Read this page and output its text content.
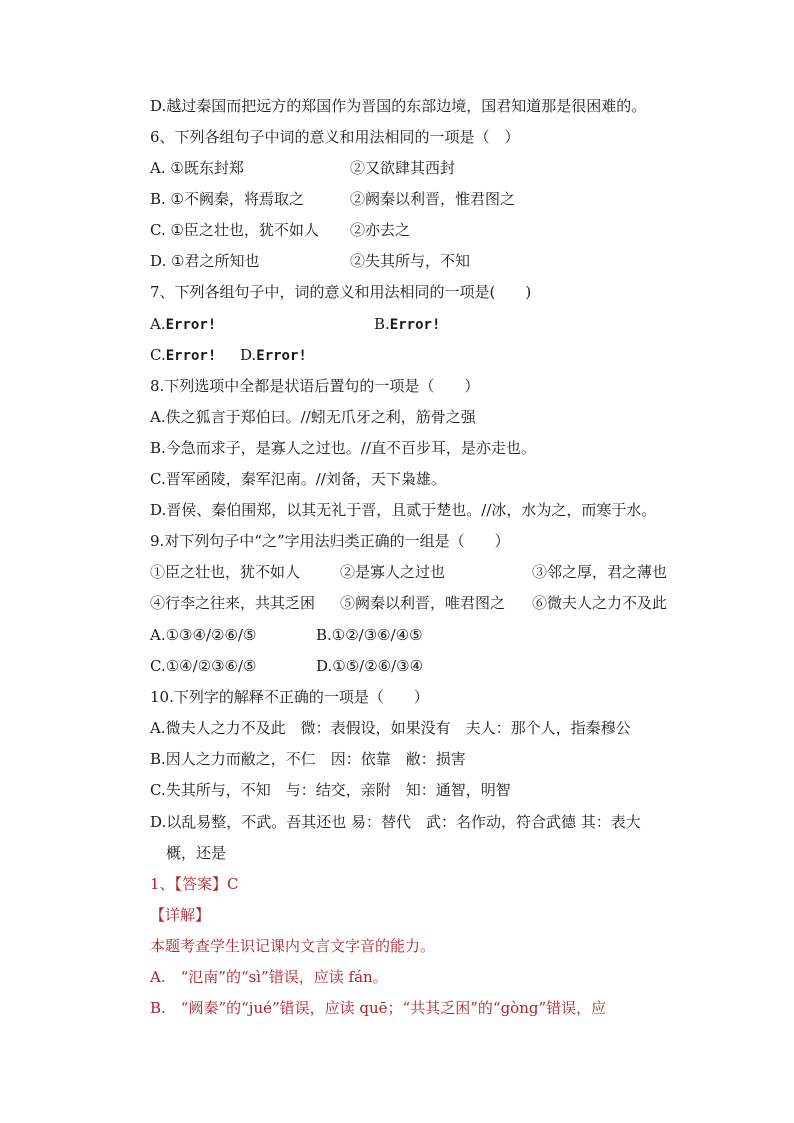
D.越过秦国而把远方的郑国作为晋国的东部边境，国君知道那是很困难的。
6、下列各组句子中词的意义和用法相同的一项是（　）
A. ①既东封郑	②又欲肆其西封
B. ①不阙秦，将焉取之	②阙秦以利晋，惟君图之
C. ①臣之壮也，犹不如人 ②亦去之
D. ①君之所知也	②失其所与，不知
7、下列各组句子中，词的意义和用法相同的一项是(　　)
A.Error!	B.Error!
C.Error! D.Error!
8.下列选项中全都是状语后置句的一项是（　　）
A.佚之狐言于郑伯曰。//蚓无爪牙之利，筋骨之强
B.今急而求子，是寡人之过也。//直不百步耳，是亦走也。
C.晋军函陵，秦军氾南。//刘备，天下枭雄。
D.晋侯、秦伯围郑，以其无礼于晋，且贰于楚也。//冰，水为之，而寒于水。
9.对下列句子中“之”字用法归类正确的一组是（　　）
①臣之壮也，犹不如人	②是寡人之过也	③邻之厚，君之薄也
④行李之往来，共其乏困 ⑤阙秦以利晋，唯君图之 ⑥微夫人之力不及此
A.①③④/②⑥/⑤	B.①②/③⑥/④⑤
C.①④/②③⑥/⑤	D.①⑤/②⑥/③④
10.下列字的解释不正确的一项是（　　）
A.微夫人之力不及此　微：表假设，如果没有　夫人：那个人，指秦穆公
B.因人之力而敝之，不仁　因：依靠　敝：损害
C.失其所与，不知　与：结交，亲附　知：通智，明智
D.以乱易整，不武。吾其还也 易：替代　武：名作动，符合武德 其：表大
概，还是
1、【答案】C
【详解】
本题考查学生识记课内文言文字音的能力。
A.　“氾南”的“sì”错误，应读 fán。
B.　“阙秦”的“jué”错误，应读 quē；“共其乏困”的“gòng”错误，应
